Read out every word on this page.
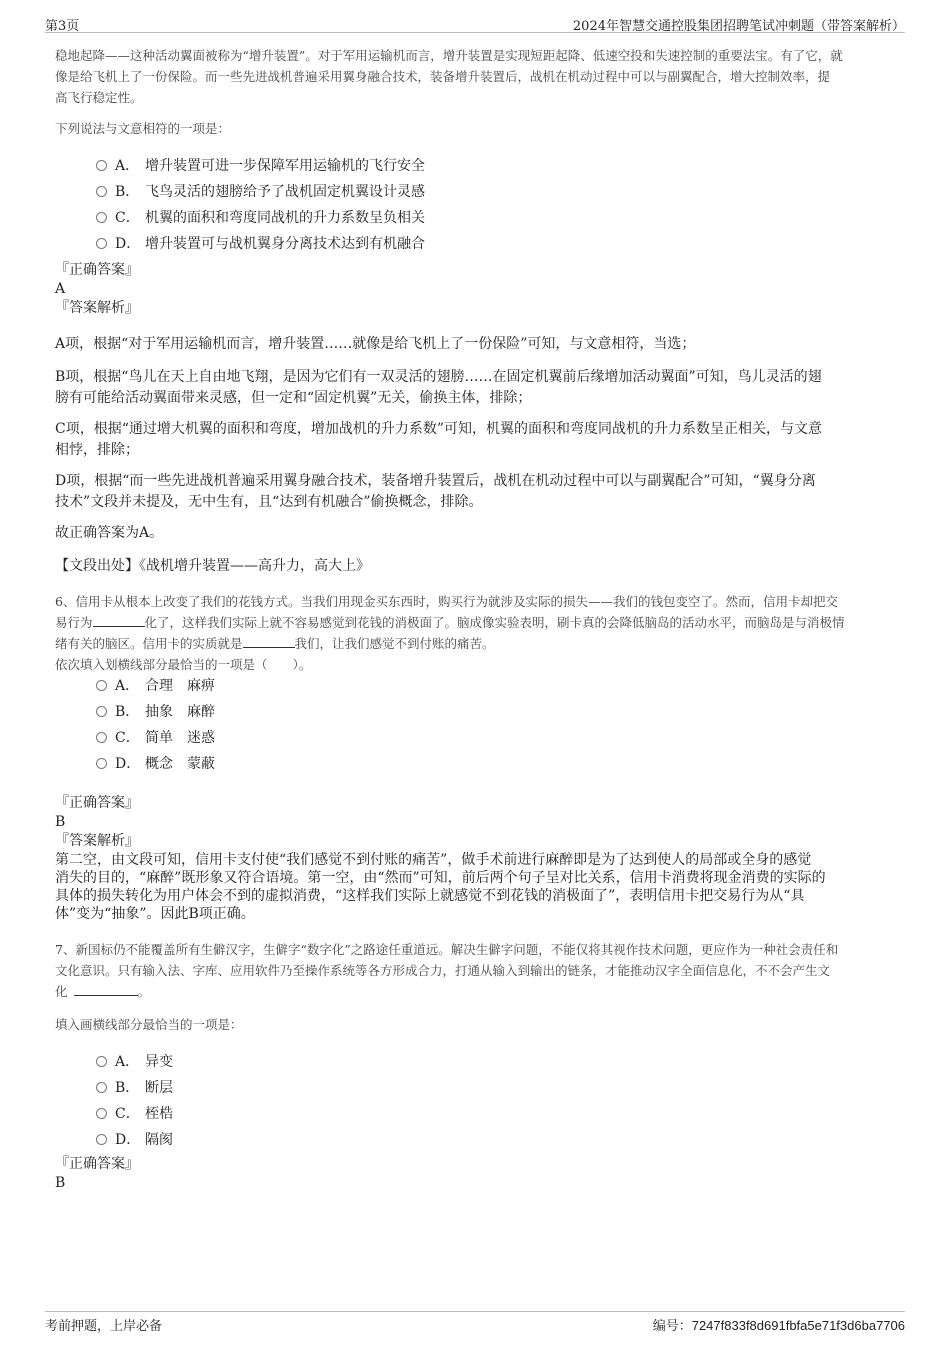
第3页	2024年智慧交通控股集团招聘笔试冲刺题（带答案解析）
稳地起降——这种活动翼面被称为“增升装置”。对于军用运输机而言，增升装置是实现短距起降、低速空投和失速控制的重要法宝。有了它，就
像是给飞机上了一份保险。而一些先进战机普遍采用翼身融合技术，装备增升装置后，战机在机动过程中可以与副翼配合，增大控制效率，提
高飞行稳定性。
下列说法与文意相符的一项是：
A． 增升装置可进一步保障军用运输机的飞行安全
B． 飞鸟灵活的翅膀给予了战机固定机翼设计灵感
C． 机翼的面积和弯度同战机的升力系数呈负相关
D． 增升装置可与战机翼身分离技术达到有机融合
『正确答案』
A
『答案解析』
A项，根据“对于军用运输机而言，增升装置……就像是给飞机上了一份保险”可知，与文意相符，当选；
B项，根据“鸟儿在天上自由地飞翔，是因为它们有一双灵活的翅膀……在固定机翼前后缘增加活动翼面”可知，鸟儿灵活的翅
膀有可能给活动翼面带来灵感，但一定和“固定机翼”无关，偷换主体，排除；
C项，根据“通过增大机翼的面积和弯度，增加战机的升力系数”可知，机翼的面积和弯度同战机的升力系数呈正相关，与文意
相悖，排除；
D项，根据“而一些先进战机普遍采用翼身融合技术，装备增升装置后，战机在机动过程中可以与副翼配合”可知，“翼身分离
技术”文段并未提及，无中生有，且“达到有机融合”偷换概念，排除。
故正确答案为A。
【文段出处】《战机增升装置——高升力，高大上》
6、信用卡从根本上改变了我们的花钱方式。当我们用现金买东西时，购买行为就涉及实际的损失——我们的钱包变空了。然而，信用卡却把交
易行为	化了，这样我们实际上就不容易感觉到花钱的消极面了。脑成像实验表明，刷卡真的会降低脑岛的活动水平，而脑岛是与消极情
绪有关的脑区。信用卡的实质就是	我们，让我们感觉不到付账的痛苦。
依次填入划横线部分最恰当的一项是（　　）。
A． 合理 麻痹
B． 抽象 麻醉
C． 简单 迷惑
D． 概念 蒙蔽
『正确答案』
B
『答案解析』
第二空，由文段可知，信用卡支付使“我们感觉不到付账的痛苦”，做手术前进行麻醉即是为了达到使人的局部或全身的感觉
消失的目的，“麻醉”既形象又符合语境。第一空，由“然而”可知，前后两个句子呈对比关系，信用卡消费将现金消费的实际的
具体的损失转化为用户体会不到的虚拟消费，“这样我们实际上就感觉不到花钱的消极面了”，表明信用卡把交易行为从“具
体”变为“抽象”。因此B项正确。
7、新国标仍不能覆盖所有生僻汉字，生僻字“数字化”之路途任重道远。解决生僻字问题，不能仅将其视作技术问题，更应作为一种社会责任和
文化意识。只有输入法、字库、应用软件乃至操作系统等各方形成合力，打通从输入到输出的链条，才能推动汉字全面信息化，不不会产生文
化	。
填入画横线部分最恰当的一项是：
A． 异变
B． 断层
C． 桎梏
D． 隔阂
『正确答案』
B
考前押题，上岸必备	编号：7247f833f8d691fbfa5e71f3d6ba7706
